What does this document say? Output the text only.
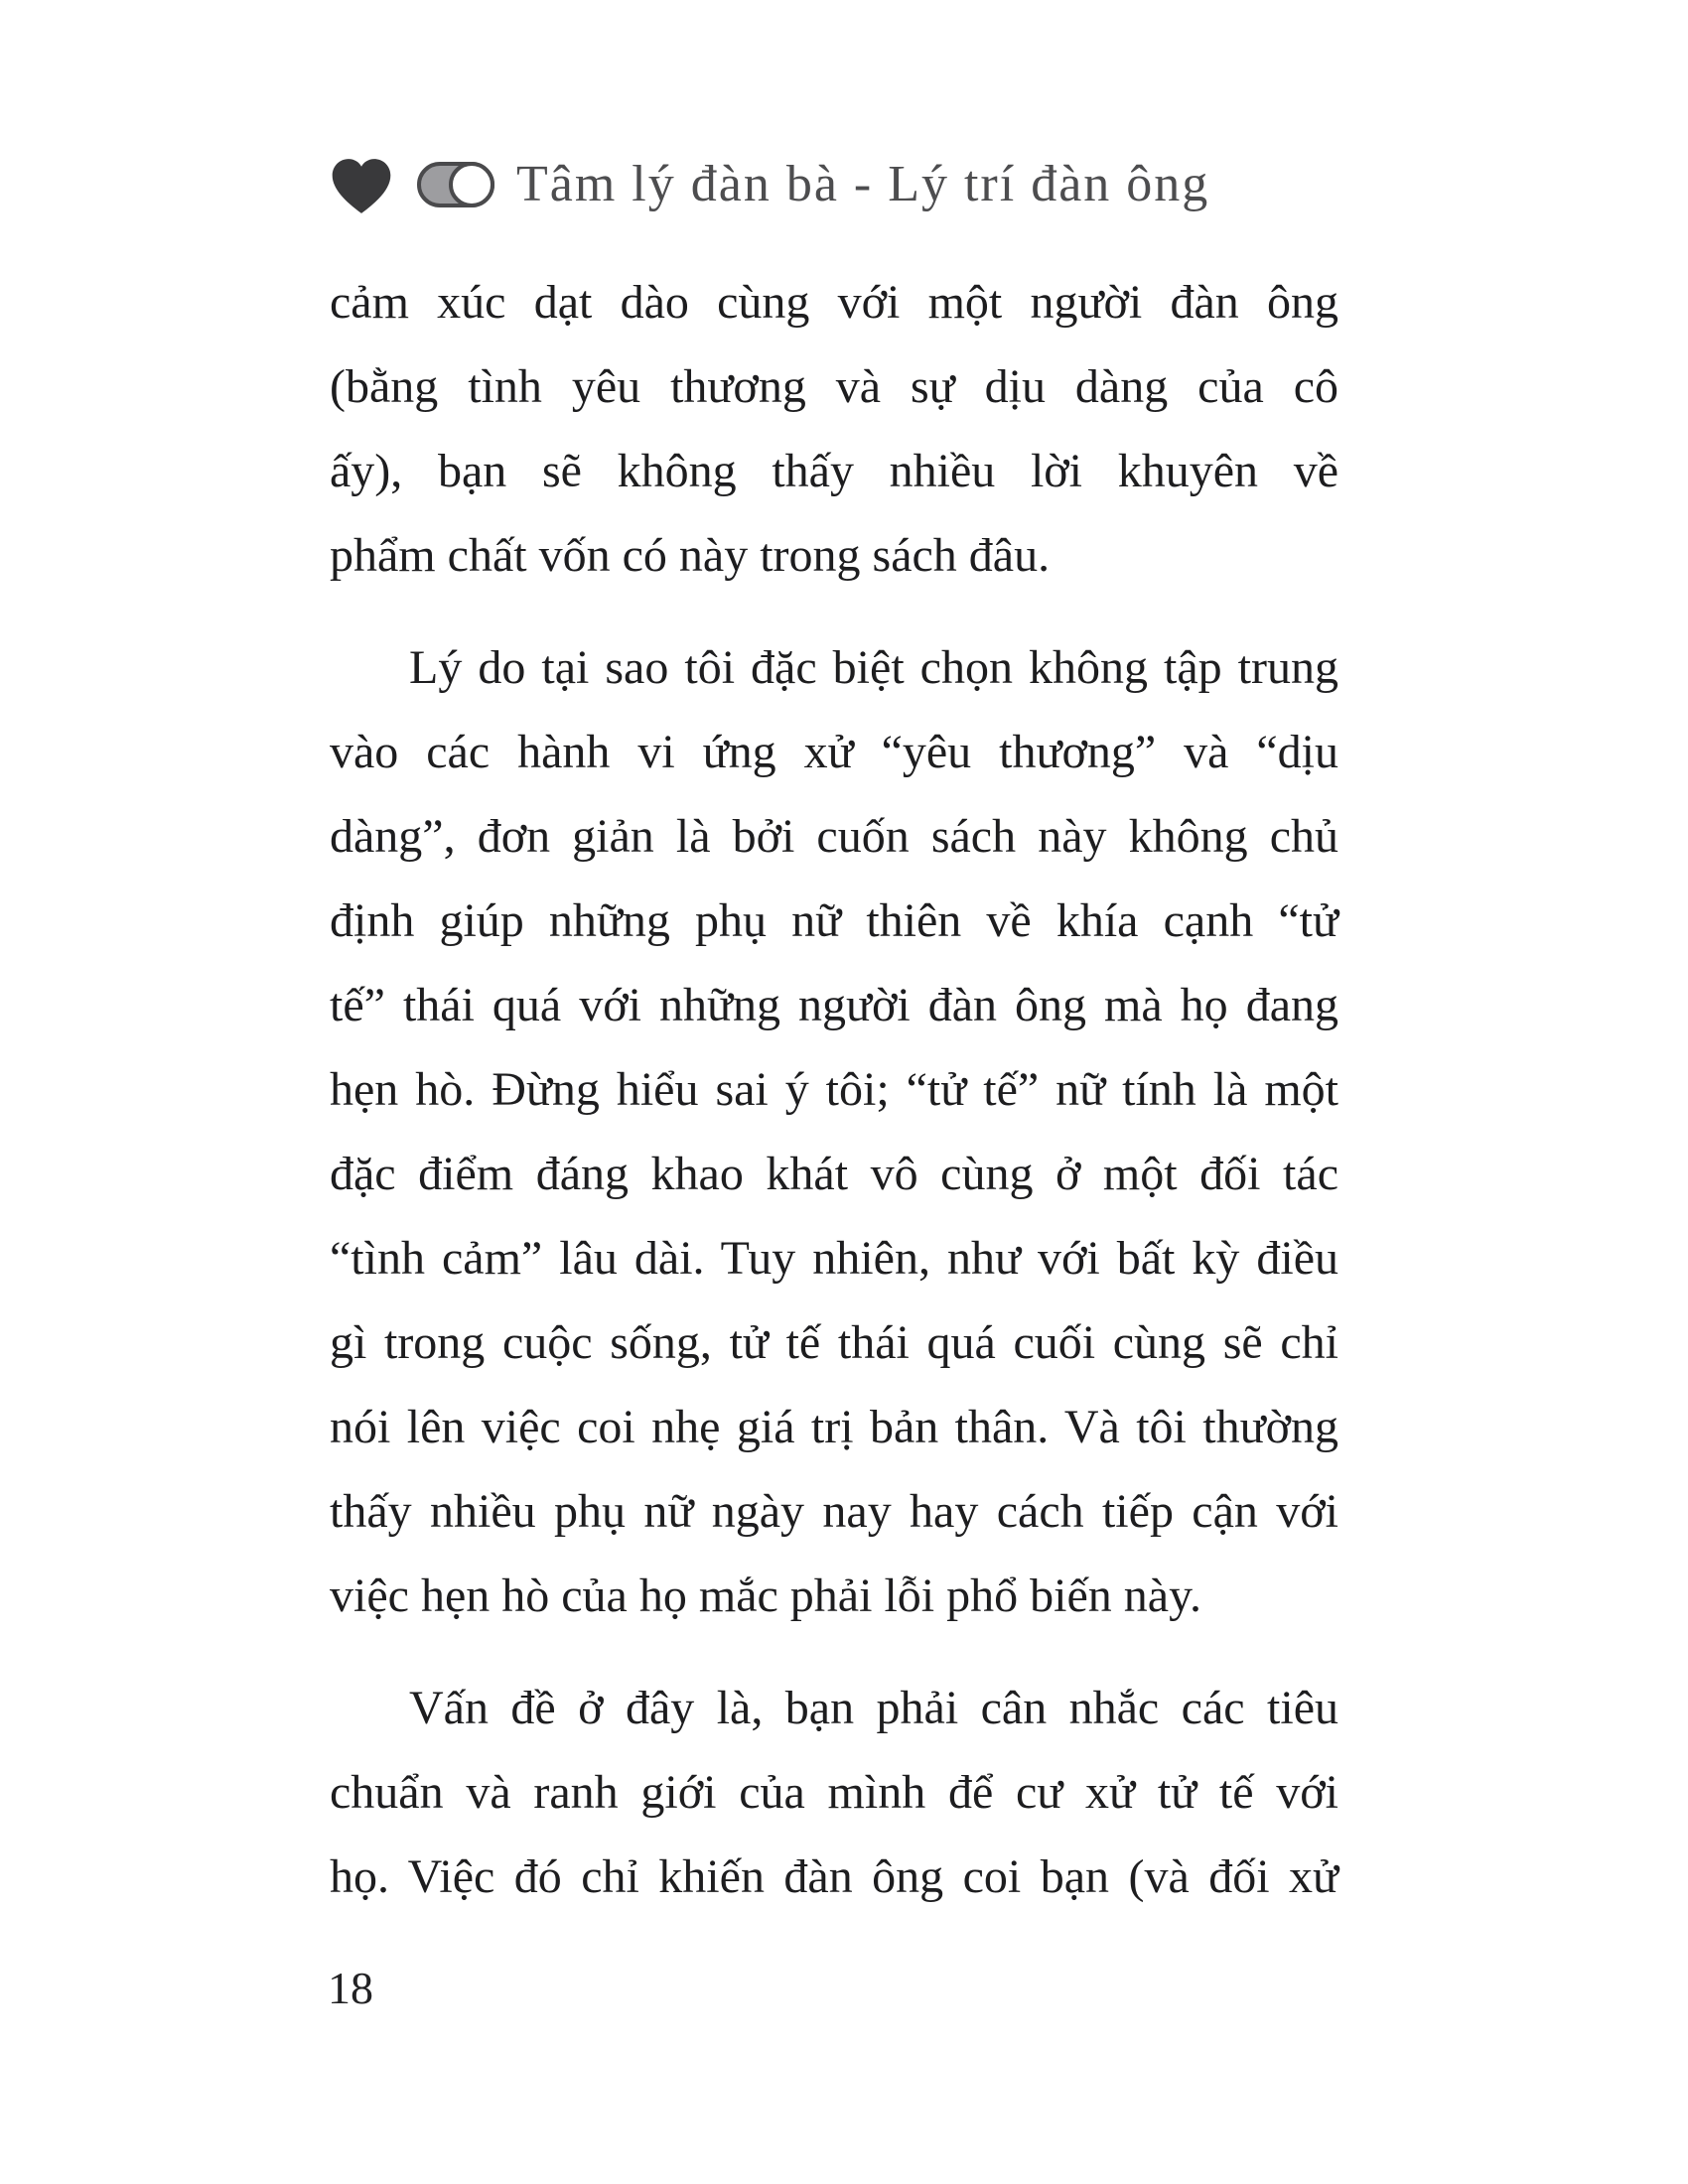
Tâm lý đàn bà - Lý trí đàn ông
cảm xúc dạt dào cùng với một người đàn ông
(bằng tình yêu thương và sự dịu dàng của cô
ấy), bạn sẽ không thấy nhiều lời khuyên về
phẩm chất vốn có này trong sách đâu.
Lý do tại sao tôi đặc biệt chọn không tập trung
vào các hành vi ứng xử “yêu thương” và “dịu
dàng”, đơn giản là bởi cuốn sách này không chủ
định giúp những phụ nữ thiên về khía cạnh “tử
tế” thái quá với những người đàn ông mà họ đang
hẹn hò. Đừng hiểu sai ý tôi; “tử tế” nữ tính là một
đặc điểm đáng khao khát vô cùng ở một đối tác
“tình cảm” lâu dài. Tuy nhiên, như với bất kỳ điều
gì trong cuộc sống, tử tế thái quá cuối cùng sẽ chỉ
nói lên việc coi nhẹ giá trị bản thân. Và tôi thường
thấy nhiều phụ nữ ngày nay hay cách tiếp cận với
việc hẹn hò của họ mắc phải lỗi phổ biến này.
Vấn đề ở đây là, bạn phải cân nhắc các tiêu
chuẩn và ranh giới của mình để cư xử tử tế với
họ. Việc đó chỉ khiến đàn ông coi bạn (và đối xử
18
